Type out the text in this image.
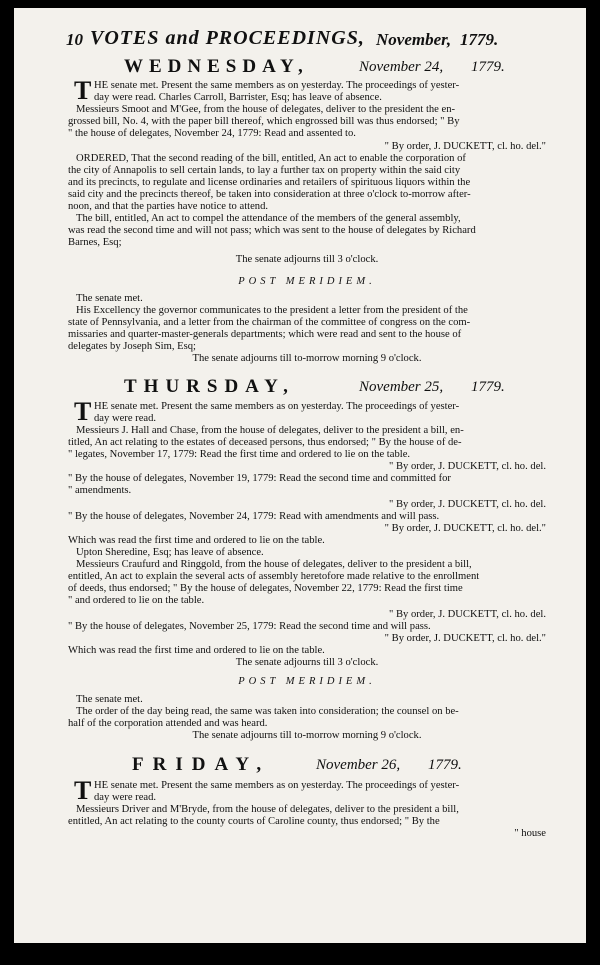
10 VOTES and PROCEEDINGS, November, 1779.
WEDNESDAY,	November 24, 1779.
T HE senate met. Present the same members as on yesterday. The proceedings of yester-
day were read. Charles Carroll, Barrister, Esq; has leave of absence.
Messieurs Smoot and M'Gee, from the house of delegates, deliver to the president the en-
grossed bill, No. 4, with the paper bill thereof, which engrossed bill was thus endorsed; " By
" the house of delegates, November 24, 1779: Read and assented to.
" By order, J. DUCKETT, cl. ho. del."
ORDERED, That the second reading of the bill, entitled, An act to enable the corporation of
the city of Annapolis to sell certain lands, to lay a further tax on property within the said city
and its precincts, to regulate and license ordinaries and retailers of spirituous liquors within the
said city and the precincts thereof, be taken into consideration at three o'clock to-morrow after-
noon, and that the parties have notice to attend.
The bill, entitled, An act to compel the attendance of the members of the general assembly,
was read the second time and will not pass; which was sent to the house of delegates by Richard
Barnes, Esq;
The senate adjourns till 3 o'clock.
POST MERIDIEM.
The senate met.
His Excellency the governor communicates to the president a letter from the president of the
state of Pennsylvania, and a letter from the chairman of the committee of congress on the com-
missaries and quarter-master-generals departments; which were read and sent to the house of
delegates by Joseph Sim, Esq;
The senate adjourns till to-morrow morning 9 o'clock.
THURSDAY,	November 25, 1779.
T HE senate met. Present the same members as on yesterday. The proceedings of yester-
day were read.
Messieurs J. Hall and Chase, from the house of delegates, deliver to the president a bill, en-
titled, An act relating to the estates of deceased persons, thus endorsed; " By the house of de-
" legates, November 17, 1779: Read the first time and ordered to lie on the table.
" By order, J. DUCKETT, cl. ho. del.
" By the house of delegates, November 19, 1779: Read the second time and committed for
" amendments.
" By order, J. DUCKETT, cl. ho. del.
" By the house of delegates, November 24, 1779: Read with amendments and will pass.
" By order, J. DUCKETT, cl. ho. del."
Which was read the first time and ordered to lie on the table.
Upton Sheredine, Esq; has leave of absence.
Messieurs Craufurd and Ringgold, from the house of delegates, deliver to the president a bill,
entitled, An act to explain the several acts of assembly heretofore made relative to the enrollment
of deeds, thus endorsed; " By the house of delegates, November 22, 1779: Read the first time
" and ordered to lie on the table.
" By order, J. DUCKETT, cl. ho. del.
" By the house of delegates, November 25, 1779: Read the second time and will pass.
" By order, J. DUCKETT, cl. ho. del."
Which was read the first time and ordered to lie on the table.
The senate adjourns till 3 o'clock.
POST MERIDIEM.
The senate met.
The order of the day being read, the same was taken into consideration; the counsel on be-
half of the corporation attended and was heard.
The senate adjourns till to-morrow morning 9 o'clock.
FRIDAY,	November 26, 1779.
T HE senate met. Present the same members as on yesterday. The proceedings of yester-
day were read.
Messieurs Driver and M'Bryde, from the house of delegates, deliver to the president a bill,
entitled, An act relating to the county courts of Caroline county, thus endorsed; " By the
" house
